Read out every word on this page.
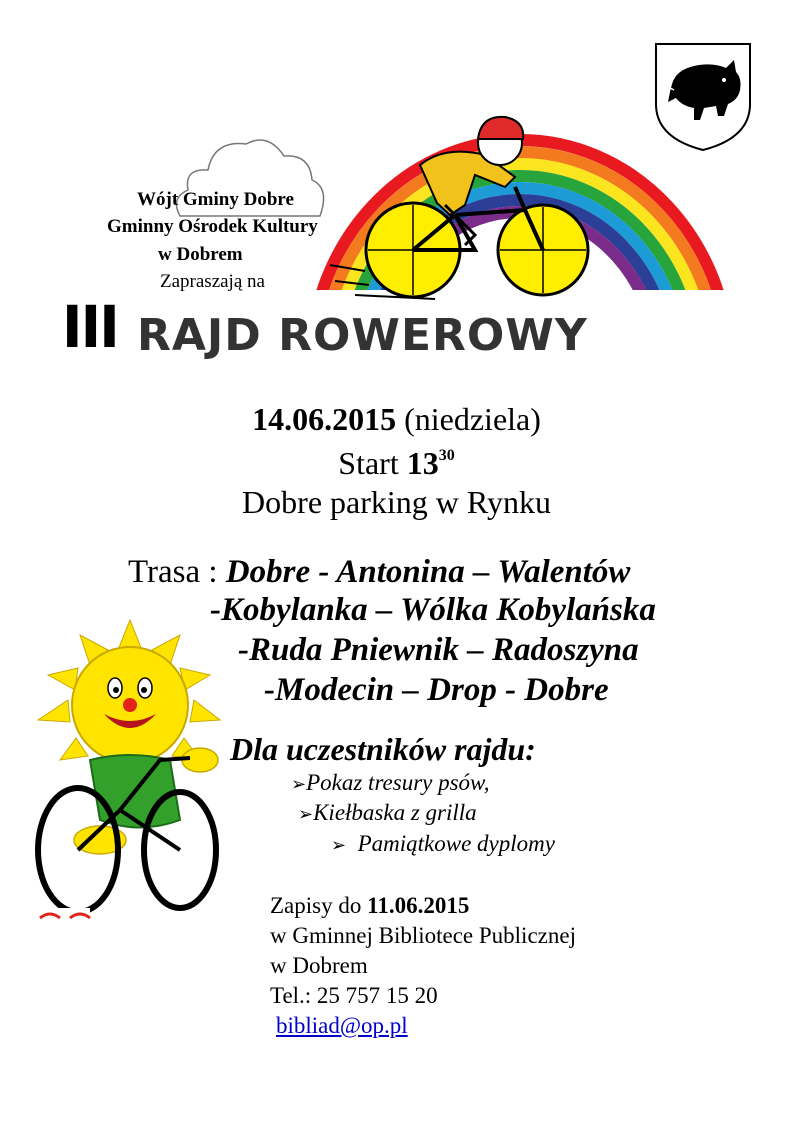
Wójt Gminy Dobre
Gminny Ośrodek Kultury
w Dobrem
Zapraszają na
III RAJD ROWEROWY
14.06.2015 (niedziela)
Start $13^{30}$
Dobre parking w Rynku
Trasa : Dobre - Antonina – Walentów
-Kobylanka – Wólka Kobylańska
-Ruda Pniewnik – Radoszyna
-Modecin – Drop - Dobre
Dla uczestników rajdu:
➢Pokaz tresury psów,
➢Kiełbaska z grilla
➢ Pamiątkowe dyplomy
Zapisy do 11.06.2015
w Gminnej Bibliotece Publicznej
w Dobrem
Tel.: 25 757 15 20
bibliad@op.pl
